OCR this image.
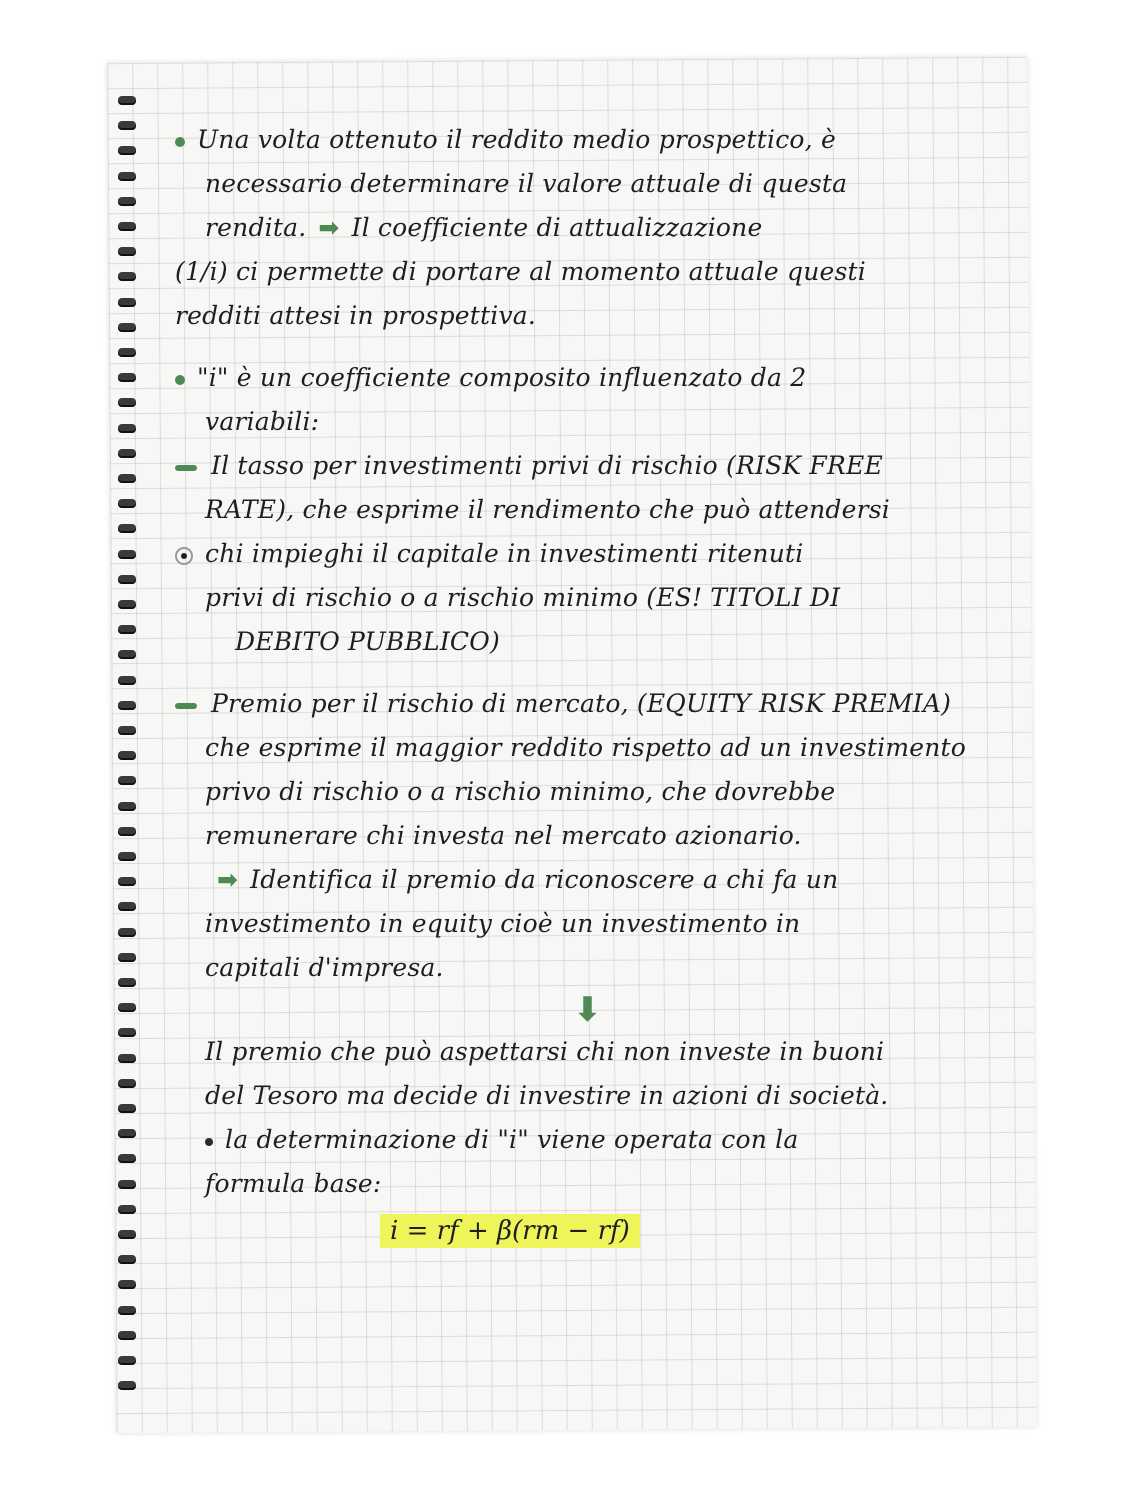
Una volta ottenuto il reddito medio prospettico, è
necessario determinare il valore attuale di questa
rendita. ➡ Il coefficiente di attualizzazione
(1/i) ci permette di portare al momento attuale questi
redditi attesi in prospettiva.
"i" è un coefficiente composito influenzato da 2
variabili:
Il tasso per investimenti privi di rischio (RISK FREE
RATE), che esprime il rendimento che può attendersi
chi impieghi il capitale in investimenti ritenuti
privi di rischio o a rischio minimo (ES! TITOLI DI
DEBITO PUBBLICO)
Premio per il rischio di mercato, (EQUITY RISK PREMIA)
che esprime il maggior reddito rispetto ad un investimento
privo di rischio o a rischio minimo, che dovrebbe
remunerare chi investa nel mercato azionario.
➡ Identifica il premio da riconoscere a chi fa un
investimento in equity cioè un investimento in
capitali d'impresa.
⬇
Il premio che può aspettarsi chi non investe in buoni
del Tesoro ma decide di investire in azioni di società.
la determinazione di "i" viene operata con la
formula base:
i = rf + β(rm − rf)
